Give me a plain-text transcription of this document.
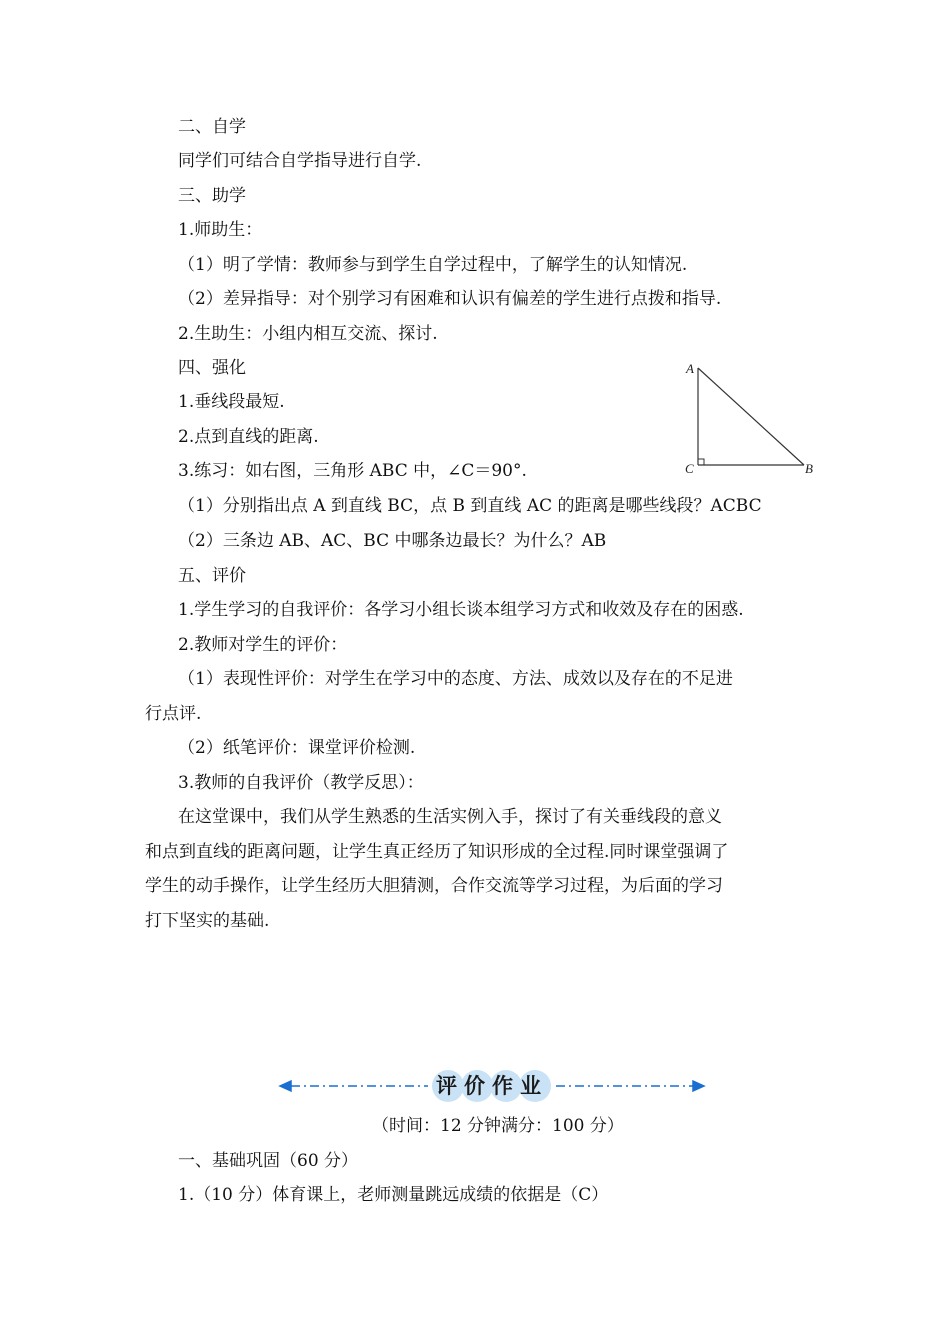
二、自学
同学们可结合自学指导进行自学.
三、助学
1.师助生：
（1）明了学情：教师参与到学生自学过程中，了解学生的认知情况.
（2）差异指导：对个别学习有困难和认识有偏差的学生进行点拨和指导.
2.生助生：小组内相互交流、探讨.
四、强化
1.垂线段最短.
2.点到直线的距离.
3.练习：如右图，三角形 ABC 中，∠C＝90°.
（1）分别指出点 A 到直线 BC，点 B 到直线 AC 的距离是哪些线段？ACBC
（2）三条边 AB、AC、BC 中哪条边最长？为什么？AB
五、评价
1.学生学习的自我评价：各学习小组长谈本组学习方式和收效及存在的困惑.
2.教师对学生的评价：
（1）表现性评价：对学生在学习中的态度、方法、成效以及存在的不足进
行点评.
（2）纸笔评价：课堂评价检测.
3.教师的自我评价（教学反思）：
在这堂课中，我们从学生熟悉的生活实例入手，探讨了有关垂线段的意义
和点到直线的距离问题，让学生真正经历了知识形成的全过程.同时课堂强调了
学生的动手操作，让学生经历大胆猜测，合作交流等学习过程，为后面的学习
打下坚实的基础.
A
B
C
评价作业
（时间：12 分钟满分：100 分）
一、基础巩固（60 分）
1.（10 分）体育课上，老师测量跳远成绩的依据是（C）
